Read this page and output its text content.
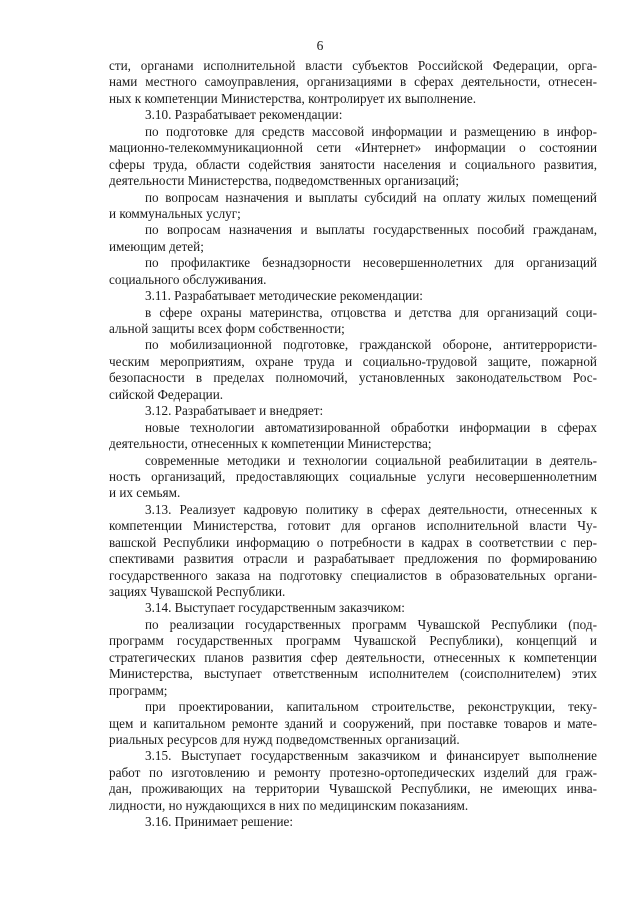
6
сти, органами исполнительной власти субъектов Российской Федерации, орга-
нами местного самоуправления, организациями в сферах деятельности, отнесен-
ных к компетенции Министерства, контролирует их выполнение.
3.10. Разрабатывает рекомендации:
по подготовке для средств массовой информации и размещению в инфор-
мационно-телекоммуникационной сети «Интернет» информации о состоянии
сферы труда, области содействия занятости населения и социального развития,
деятельности Министерства, подведомственных организаций;
по вопросам назначения и выплаты субсидий на оплату жилых помещений
и коммунальных услуг;
по вопросам назначения и выплаты государственных пособий гражданам,
имеющим детей;
по профилактике безнадзорности несовершеннолетних для организаций
социального обслуживания.
3.11. Разрабатывает методические рекомендации:
в сфере охраны материнства, отцовства и детства для организаций соци-
альной защиты всех форм собственности;
по мобилизационной подготовке, гражданской обороне, антитеррористи-
ческим мероприятиям, охране труда и социально-трудовой защите, пожарной
безопасности в пределах полномочий, установленных законодательством Рос-
сийской Федерации.
3.12. Разрабатывает и внедряет:
новые технологии автоматизированной обработки информации в сферах
деятельности, отнесенных к компетенции Министерства;
современные методики и технологии социальной реабилитации в деятель-
ность организаций, предоставляющих социальные услуги несовершеннолетним
и их семьям.
3.13. Реализует кадровую политику в сферах деятельности, отнесенных к
компетенции Министерства, готовит для органов исполнительной власти Чу-
вашской Республики информацию о потребности в кадрах в соответствии с пер-
спективами развития отрасли и разрабатывает предложения по формированию
государственного заказа на подготовку специалистов в образовательных органи-
зациях Чувашской Республики.
3.14. Выступает государственным заказчиком:
по реализации государственных программ Чувашской Республики (под-
программ государственных программ Чувашской Республики), концепций и
стратегических планов развития сфер деятельности, отнесенных к компетенции
Министерства, выступает ответственным исполнителем (соисполнителем) этих
программ;
при проектировании, капитальном строительстве, реконструкции, теку-
щем и капитальном ремонте зданий и сооружений, при поставке товаров и мате-
риальных ресурсов для нужд подведомственных организаций.
3.15. Выступает государственным заказчиком и финансирует выполнение
работ по изготовлению и ремонту протезно-ортопедических изделий для граж-
дан, проживающих на территории Чувашской Республики, не имеющих инва-
лидности, но нуждающихся в них по медицинским показаниям.
3.16. Принимает решение:
